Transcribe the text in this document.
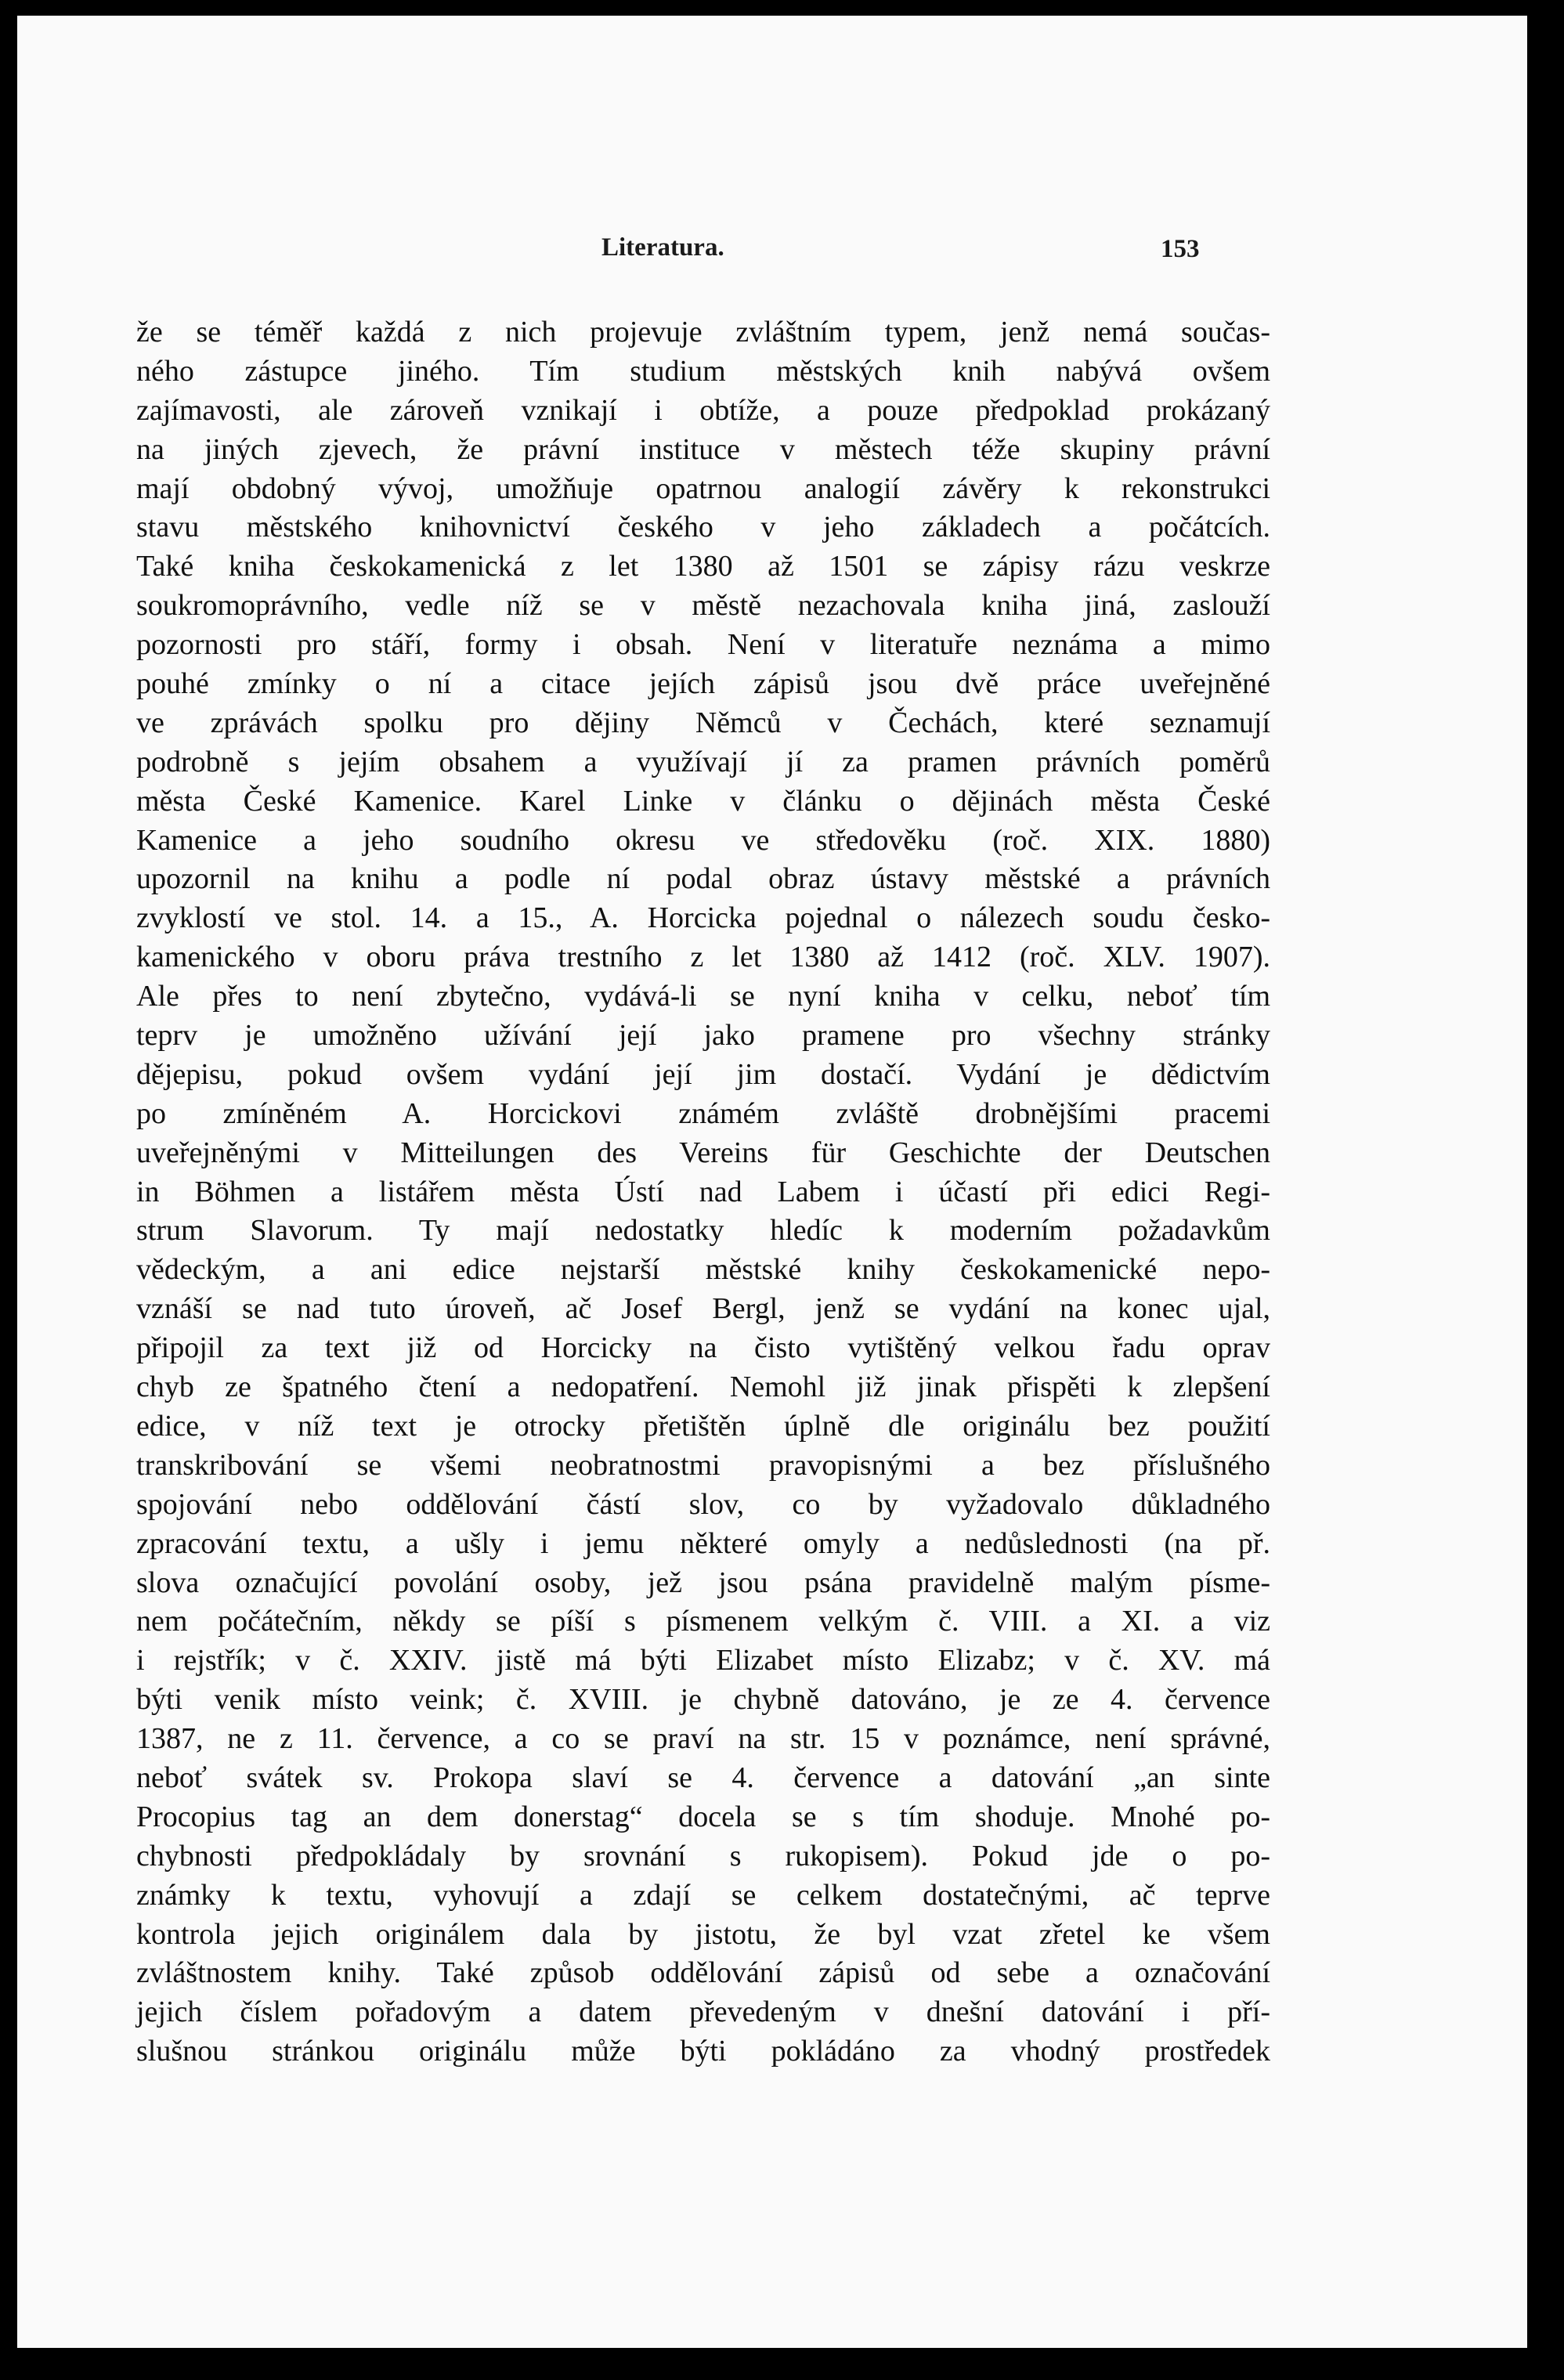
Literatura.	153
že se téměř každá z nich projevuje zvláštním typem, jenž nemá součas-
ného zástupce jiného. Tím studium městských knih nabývá ovšem
zajímavosti, ale zároveň vznikají i obtíže, a pouze předpoklad prokázaný
na jiných zjevech, že právní instituce v městech téže skupiny právní
mají obdobný vývoj, umožňuje opatrnou analogií závěry k rekonstrukci
stavu městského knihovnictví českého v jeho základech a počátcích.
Také kniha českokamenická z let 1380 až 1501 se zápisy rázu veskrze
soukromoprávního, vedle níž se v městě nezachovala kniha jiná, zaslouží
pozornosti pro stáří, formy i obsah. Není v literatuře neznáma a mimo
pouhé zmínky o ní a citace jejích zápisů jsou dvě práce uveřejněné
ve zprávách spolku pro dějiny Němců v Čechách, které seznamují
podrobně s jejím obsahem a využívají jí za pramen právních poměrů
města České Kamenice. Karel Linke v článku o dějinách města České
Kamenice a jeho soudního okresu ve středověku (roč. XIX. 1880)
upozornil na knihu a podle ní podal obraz ústavy městské a právních
zvyklostí ve stol. 14. a 15., A. Horcicka pojednal o nálezech soudu česko-
kamenického v oboru práva trestního z let 1380 až 1412 (roč. XLV. 1907).
Ale přes to není zbytečno, vydává-li se nyní kniha v celku, neboť tím
teprv je umožněno užívání její jako pramene pro všechny stránky
dějepisu, pokud ovšem vydání její jim dostačí. Vydání je dědictvím
po zmíněném A. Horcickovi známém zvláště drobnějšími pracemi
uveřejněnými v Mitteilungen des Vereins für Geschichte der Deutschen
in Böhmen a listářem města Ústí nad Labem i účastí při edici Regi-
strum Slavorum. Ty mají nedostatky hledíc k moderním požadavkům
vědeckým, a ani edice nejstarší městské knihy českokamenické nepo-
vznáší se nad tuto úroveň, ač Josef Bergl, jenž se vydání na konec ujal,
připojil za text již od Horcicky na čisto vytištěný velkou řadu oprav
chyb ze špatného čtení a nedopatření. Nemohl již jinak přispěti k zlepšení
edice, v níž text je otrocky přetištěn úplně dle originálu bez použití
transkribování se všemi neobratnostmi pravopisnými a bez příslušného
spojování nebo oddělování částí slov, co by vyžadovalo důkladného
zpracování textu, a ušly i jemu některé omyly a nedůslednosti (na př.
slova označující povolání osoby, jež jsou psána pravidelně malým písme-
nem počátečním, někdy se píší s písmenem velkým č. VIII. a XI. a viz
i rejstřík; v č. XXIV. jistě má býti Elizabet místo Elizabz; v č. XV. má
býti venik místo veink; č. XVIII. je chybně datováno, je ze 4. července
1387, ne z 11. července, a co se praví na str. 15 v poznámce, není správné,
neboť svátek sv. Prokopa slaví se 4. července a datování „an sinte
Procopius tag an dem donerstag“ docela se s tím shoduje. Mnohé po-
chybnosti předpokládaly by srovnání s rukopisem). Pokud jde o po-
známky k textu, vyhovují a zdají se celkem dostatečnými, ač teprve
kontrola jejich originálem dala by jistotu, že byl vzat zřetel ke všem
zvláštnostem knihy. Také způsob oddělování zápisů od sebe a označování
jejich číslem pořadovým a datem převedeným v dnešní datování i pří-
slušnou stránkou originálu může býti pokládáno za vhodný prostředek
